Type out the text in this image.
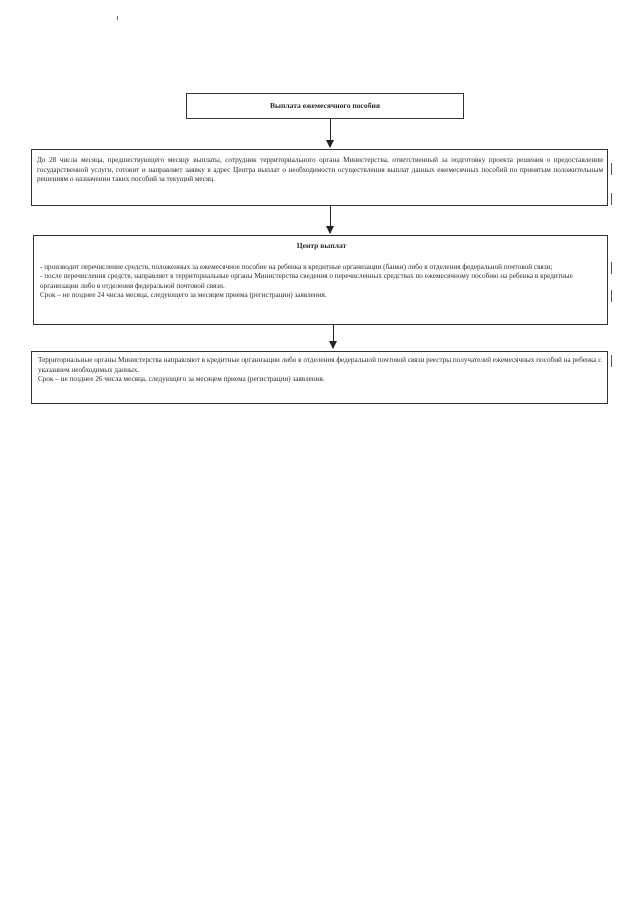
Выплата ежемесячного пособия

До 28 числа месяца, предшествующего месяцу выплаты, сотрудник территориального органа Министерства, ответственный за подготовку проекта решения о предоставлении государственной услуги, готовит и направляет заявку в адрес Центра выплат о необходимости осуществления выплат данных ежемесячных пособий по принятым положительным решениям о назначении таких пособий за текущий месяц.

Центр выплат

- производит перечисление средств, положенных за ежемесячное пособие на ребенка в кредитные организации (банки) либо в отделения федеральной почтовой связи;

- после перечисления средств, направляет в территориальные органы Министерства сведения о перечисленных средствах по ежемесячному пособию на ребенка в кредитные организации либо в отделения федеральной почтовой связи.

Срок – не позднее 24 числа месяца, следующего за месяцем приема (регистрации) заявления.

Территориальные органы Министерства направляют в кредитные организации либо в отделения федеральной почтовой связи реестры получателей ежемесячных пособий на ребенка с указанием необходимых данных.

Срок – не позднее 26 числа месяца, следующего за месяцем приема (регистрации) заявления.
